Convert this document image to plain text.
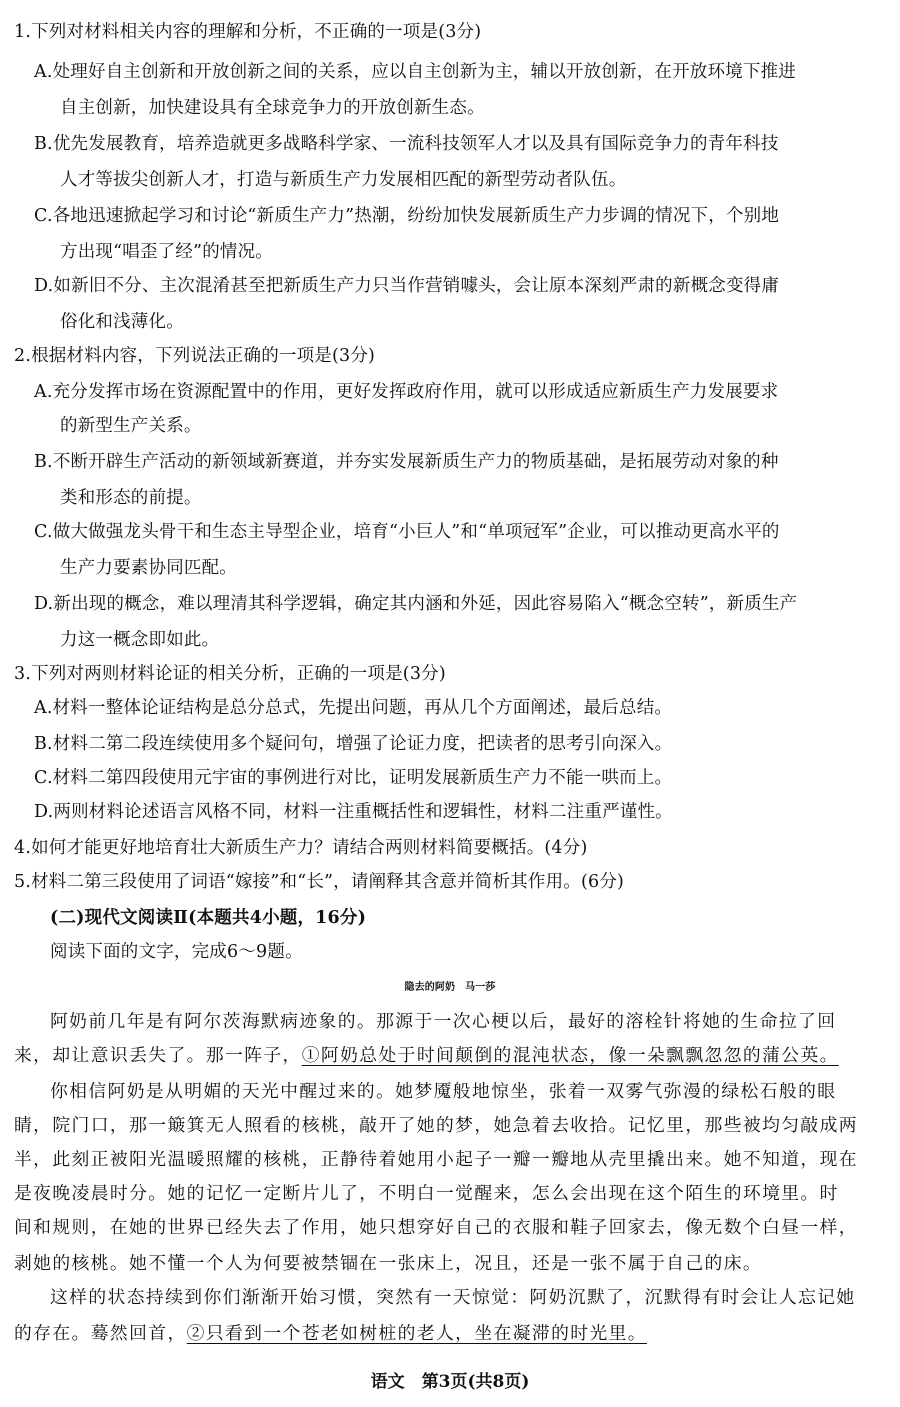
1.下列对材料相关内容的理解和分析，不正确的一项是(3分)
A.处理好自主创新和开放创新之间的关系，应以自主创新为主，辅以开放创新，在开放环境下推进
自主创新，加快建设具有全球竞争力的开放创新生态。
B.优先发展教育，培养造就更多战略科学家、一流科技领军人才以及具有国际竞争力的青年科技
人才等拔尖创新人才，打造与新质生产力发展相匹配的新型劳动者队伍。
C.各地迅速掀起学习和讨论“新质生产力”热潮，纷纷加快发展新质生产力步调的情况下，个别地
方出现“唱歪了经”的情况。
D.如新旧不分、主次混淆甚至把新质生产力只当作营销噱头，会让原本深刻严肃的新概念变得庸
俗化和浅薄化。
2.根据材料内容，下列说法正确的一项是(3分)
A.充分发挥市场在资源配置中的作用，更好发挥政府作用，就可以形成适应新质生产力发展要求
的新型生产关系。
B.不断开辟生产活动的新领域新赛道，并夯实发展新质生产力的物质基础，是拓展劳动对象的种
类和形态的前提。
C.做大做强龙头骨干和生态主导型企业，培育“小巨人”和“单项冠军”企业，可以推动更高水平的
生产力要素协同匹配。
D.新出现的概念，难以理清其科学逻辑，确定其内涵和外延，因此容易陷入“概念空转”，新质生产
力这一概念即如此。
3.下列对两则材料论证的相关分析，正确的一项是(3分)
A.材料一整体论证结构是总分总式，先提出问题，再从几个方面阐述，最后总结。
B.材料二第二段连续使用多个疑问句，增强了论证力度，把读者的思考引向深入。
C.材料二第四段使用元宇宙的事例进行对比，证明发展新质生产力不能一哄而上。
D.两则材料论述语言风格不同，材料一注重概括性和逻辑性，材料二注重严谨性。
4.如何才能更好地培育壮大新质生产力？请结合两则材料简要概括。(4分)
5.材料二第三段使用了词语“嫁接”和“长”，请阐释其含意并简析其作用。(6分)
(二)现代文阅读Ⅱ(本题共4小题，16分)
阅读下面的文字，完成6～9题。
隐去的阿奶　马一莎
阿奶前几年是有阿尔茨海默病迹象的。那源于一次心梗以后，最好的溶栓针将她的生命拉了回
来，却让意识丢失了。那一阵子，①阿奶总处于时间颠倒的混沌状态，像一朵飘飘忽忽的蒲公英。
你相信阿奶是从明媚的天光中醒过来的。她梦魇般地惊坐，张着一双雾气弥漫的绿松石般的眼
睛，院门口，那一簸箕无人照看的核桃，敲开了她的梦，她急着去收拾。记忆里，那些被均匀敲成两
半，此刻正被阳光温暖照耀的核桃，正静待着她用小起子一瓣一瓣地从壳里撬出来。她不知道，现在
是夜晚凌晨时分。她的记忆一定断片儿了，不明白一觉醒来，怎么会出现在这个陌生的环境里。时
间和规则，在她的世界已经失去了作用，她只想穿好自己的衣服和鞋子回家去，像无数个白昼一样，
剥她的核桃。她不懂一个人为何要被禁锢在一张床上，况且，还是一张不属于自己的床。
这样的状态持续到你们渐渐开始习惯，突然有一天惊觉：阿奶沉默了，沉默得有时会让人忘记她
的存在。蓦然回首，②只看到一个苍老如树桩的老人，坐在凝滞的时光里。
语文　第3页(共8页)
